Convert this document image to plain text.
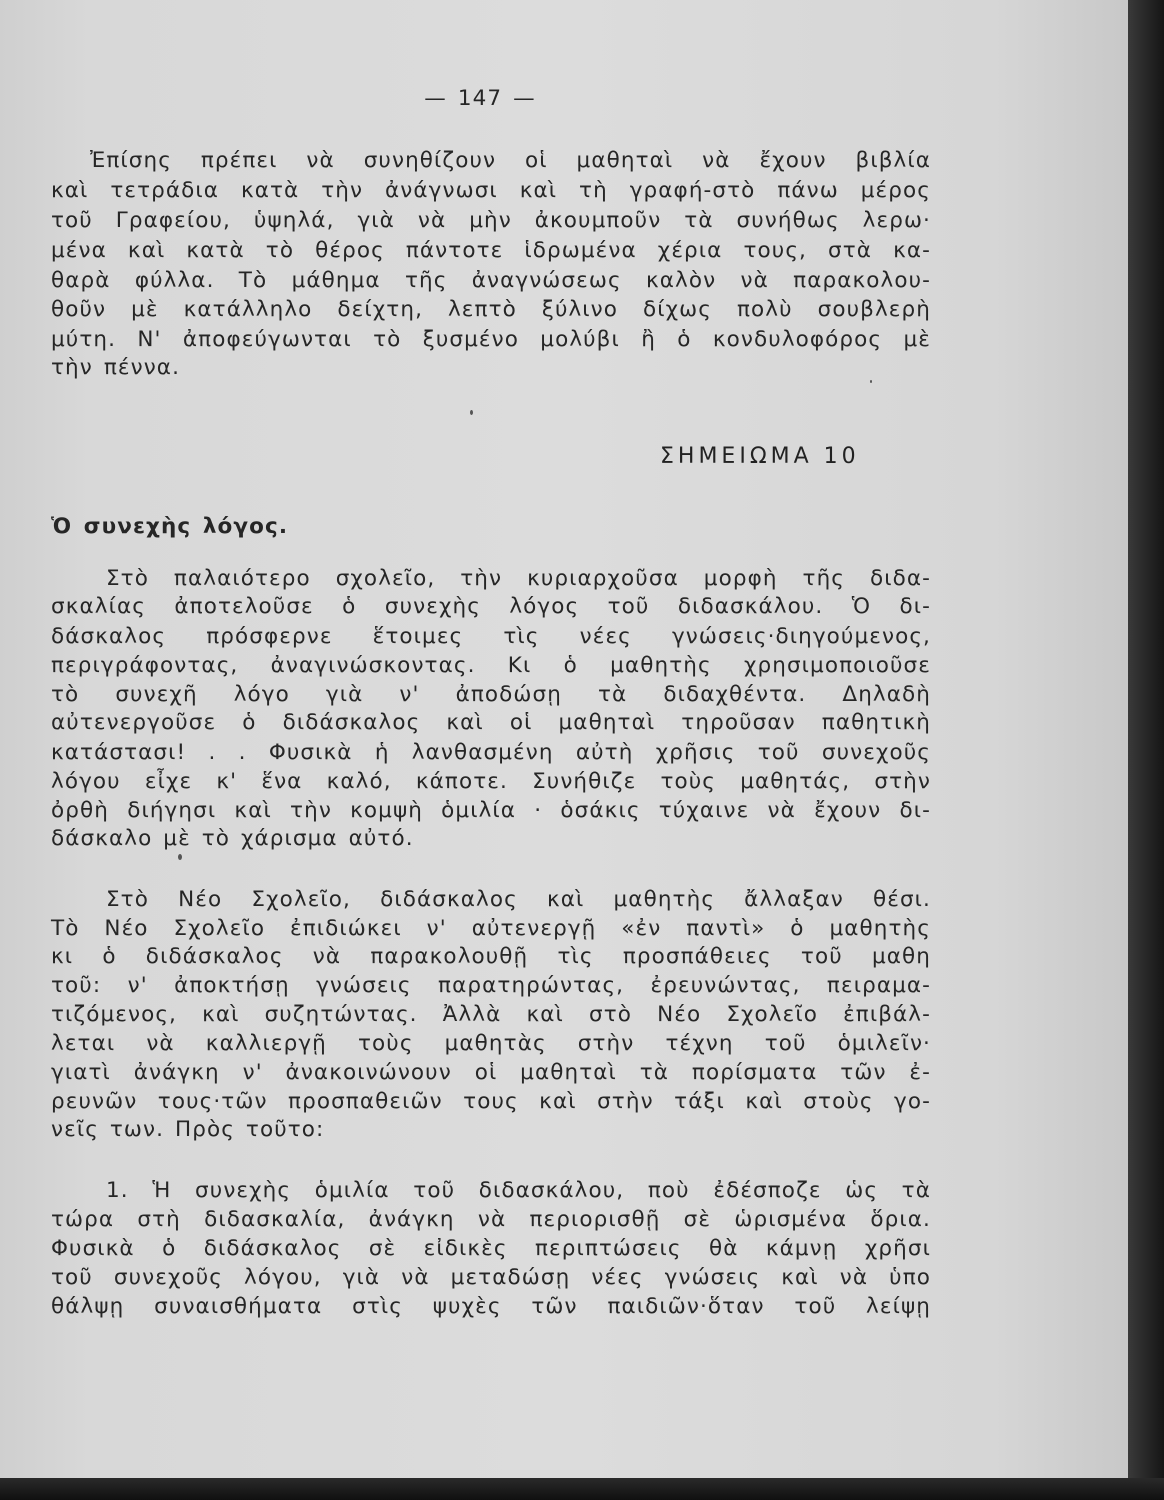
— 147 —
Ἐπίσης πρέπει νὰ συνηθίζουν οἱ μαθηταὶ νὰ ἔχουν βιβλία
καὶ τετράδια κατὰ τὴν ἀνάγνωσι καὶ τὴ γραφή-στὸ πάνω μέρος
τοῦ Γραφείου, ὑψηλά, γιὰ νὰ μὴν ἀκουμποῦν τὰ συνήθως λερω·
μένα καὶ κατὰ τὸ θέρος πάντοτε ἱδρωμένα χέρια τους, στὰ κα-
θαρὰ φύλλα. Τὸ μάθημα τῆς ἀναγνώσεως καλὸν νὰ παρακολου-
θοῦν μὲ κατάλληλο δείχτη, λεπτὸ ξύλινο δίχως πολὺ σουβλερὴ
μύτη. Ν' ἀποφεύγωνται τὸ ξυσμένο μολύβι ἢ ὁ κονδυλοφόρος μὲ
τὴν πέννα.
ΣΗΜΕΙΩΜΑ 10
Ὁ συνεχὴς λόγος.
Στὸ παλαιότερο σχολεῖο, τὴν κυριαρχοῦσα μορφὴ τῆς διδα-
σκαλίας ἀποτελοῦσε ὁ συνεχὴς λόγος τοῦ διδασκάλου. Ὁ δι-
δάσκαλος πρόσφερνε ἕτοιμες τὶς νέες γνώσεις·διηγούμενος,
περιγράφοντας, ἀναγινώσκοντας. Κι ὁ μαθητὴς χρησιμοποιοῦσε
τὸ συνεχῆ λόγο γιὰ ν' ἀποδώσῃ τὰ διδαχθέντα. Δηλαδὴ
αὐτενεργοῦσε ὁ διδάσκαλος καὶ οἱ μαθηταὶ τηροῦσαν παθητικὴ
κατάστασι! . . Φυσικὰ ἡ λανθασμένη αὐτὴ χρῆσις τοῦ συνεχοῦς
λόγου εἶχε κ' ἕνα καλό, κάποτε. Συνήθιζε τοὺς μαθητάς, στὴν
ὀρθὴ διήγησι καὶ τὴν κομψὴ ὁμιλία · ὁσάκις τύχαινε νὰ ἔχουν δι-
δάσκαλο μὲ τὸ χάρισμα αὐτό.
Στὸ Νέο Σχολεῖο, διδάσκαλος καὶ μαθητὴς ἄλλαξαν θέσι.
Τὸ Νέο Σχολεῖο ἐπιδιώκει ν' αὐτενεργῇ «ἐν παντὶ» ὁ μαθητὴς
κι ὁ διδάσκαλος νὰ παρακολουθῇ τὶς προσπάθειες τοῦ μαθη
τοῦ: ν' ἀποκτήσῃ γνώσεις παρατηρώντας, ἐρευνώντας, πειραμα-
τιζόμενος, καὶ συζητώντας. Ἀλλὰ καὶ στὸ Νέο Σχολεῖο ἐπιβάλ-
λεται νὰ καλλιεργῇ τοὺς μαθητὰς στὴν τέχνη τοῦ ὁμιλεῖν·
γιατὶ ἀνάγκη ν' ἀνακοινώνουν οἱ μαθηταὶ τὰ πορίσματα τῶν ἐ-
ρευνῶν τους·τῶν προσπαθειῶν τους καὶ στὴν τάξι καὶ στοὺς γο-
νεῖς των. Πρὸς τοῦτο:
1. Ἡ συνεχὴς ὁμιλία τοῦ διδασκάλου, ποὺ ἐδέσποζε ὡς τὰ
τώρα στὴ διδασκαλία, ἀνάγκη νὰ περιορισθῇ σὲ ὡρισμένα ὅρια.
Φυσικὰ ὁ διδάσκαλος σὲ εἰδικὲς περιπτώσεις θὰ κάμνῃ χρῆσι
τοῦ συνεχοῦς λόγου, γιὰ νὰ μεταδώσῃ νέες γνώσεις καὶ νὰ ὑπο
θάλψῃ συναισθήματα στὶς ψυχὲς τῶν παιδιῶν·ὅταν τοῦ λείψῃ
